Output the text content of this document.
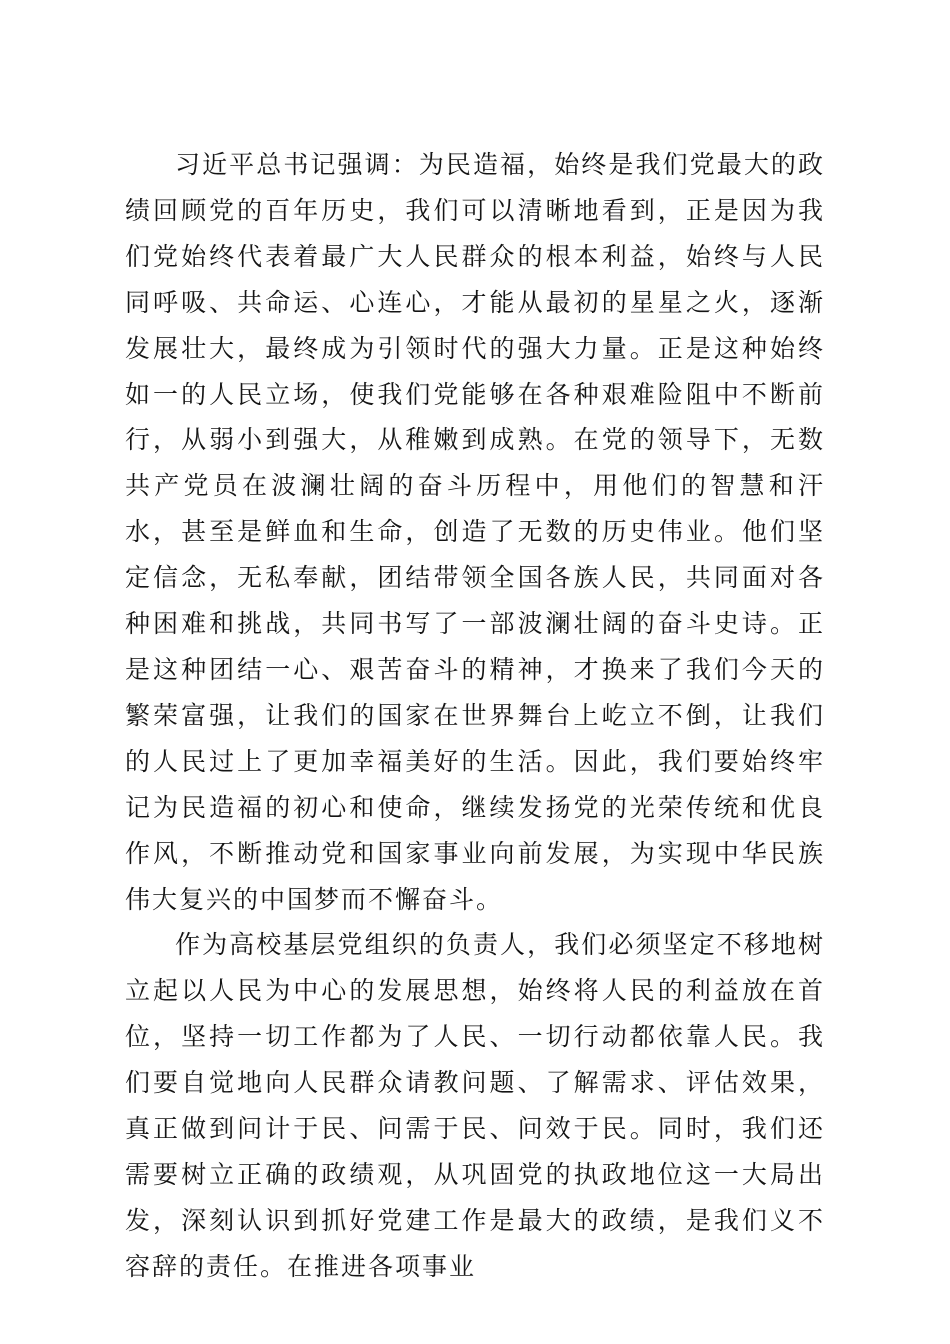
习近平总书记强调：为民造福，始终是我们党最大的政绩回顾党的百年历史，我们可以清晰地看到，正是因为我们党始终代表着最广大人民群众的根本利益，始终与人民同呼吸、共命运、心连心，才能从最初的星星之火，逐渐发展壮大，最终成为引领时代的强大力量。正是这种始终如一的人民立场，使我们党能够在各种艰难险阻中不断前行，从弱小到强大，从稚嫩到成熟。在党的领导下，无数共产党员在波澜壮阔的奋斗历程中，用他们的智慧和汗水，甚至是鲜血和生命，创造了无数的历史伟业。他们坚定信念，无私奉献，团结带领全国各族人民，共同面对各种困难和挑战，共同书写了一部波澜壮阔的奋斗史诗。正是这种团结一心、艰苦奋斗的精神，才换来了我们今天的繁荣富强，让我们的国家在世界舞台上屹立不倒，让我们的人民过上了更加幸福美好的生活。因此，我们要始终牢记为民造福的初心和使命，继续发扬党的光荣传统和优良作风，不断推动党和国家事业向前发展，为实现中华民族伟大复兴的中国梦而不懈奋斗。

作为高校基层党组织的负责人，我们必须坚定不移地树立起以人民为中心的发展思想，始终将人民的利益放在首位，坚持一切工作都为了人民、一切行动都依靠人民。我们要自觉地向人民群众请教问题、了解需求、评估效果，真正做到问计于民、问需于民、问效于民。同时，我们还需要树立正确的政绩观，从巩固党的执政地位这一大局出发，深刻认识到抓好党建工作是最大的政绩，是我们义不容辞的责任。在推进各项事业
